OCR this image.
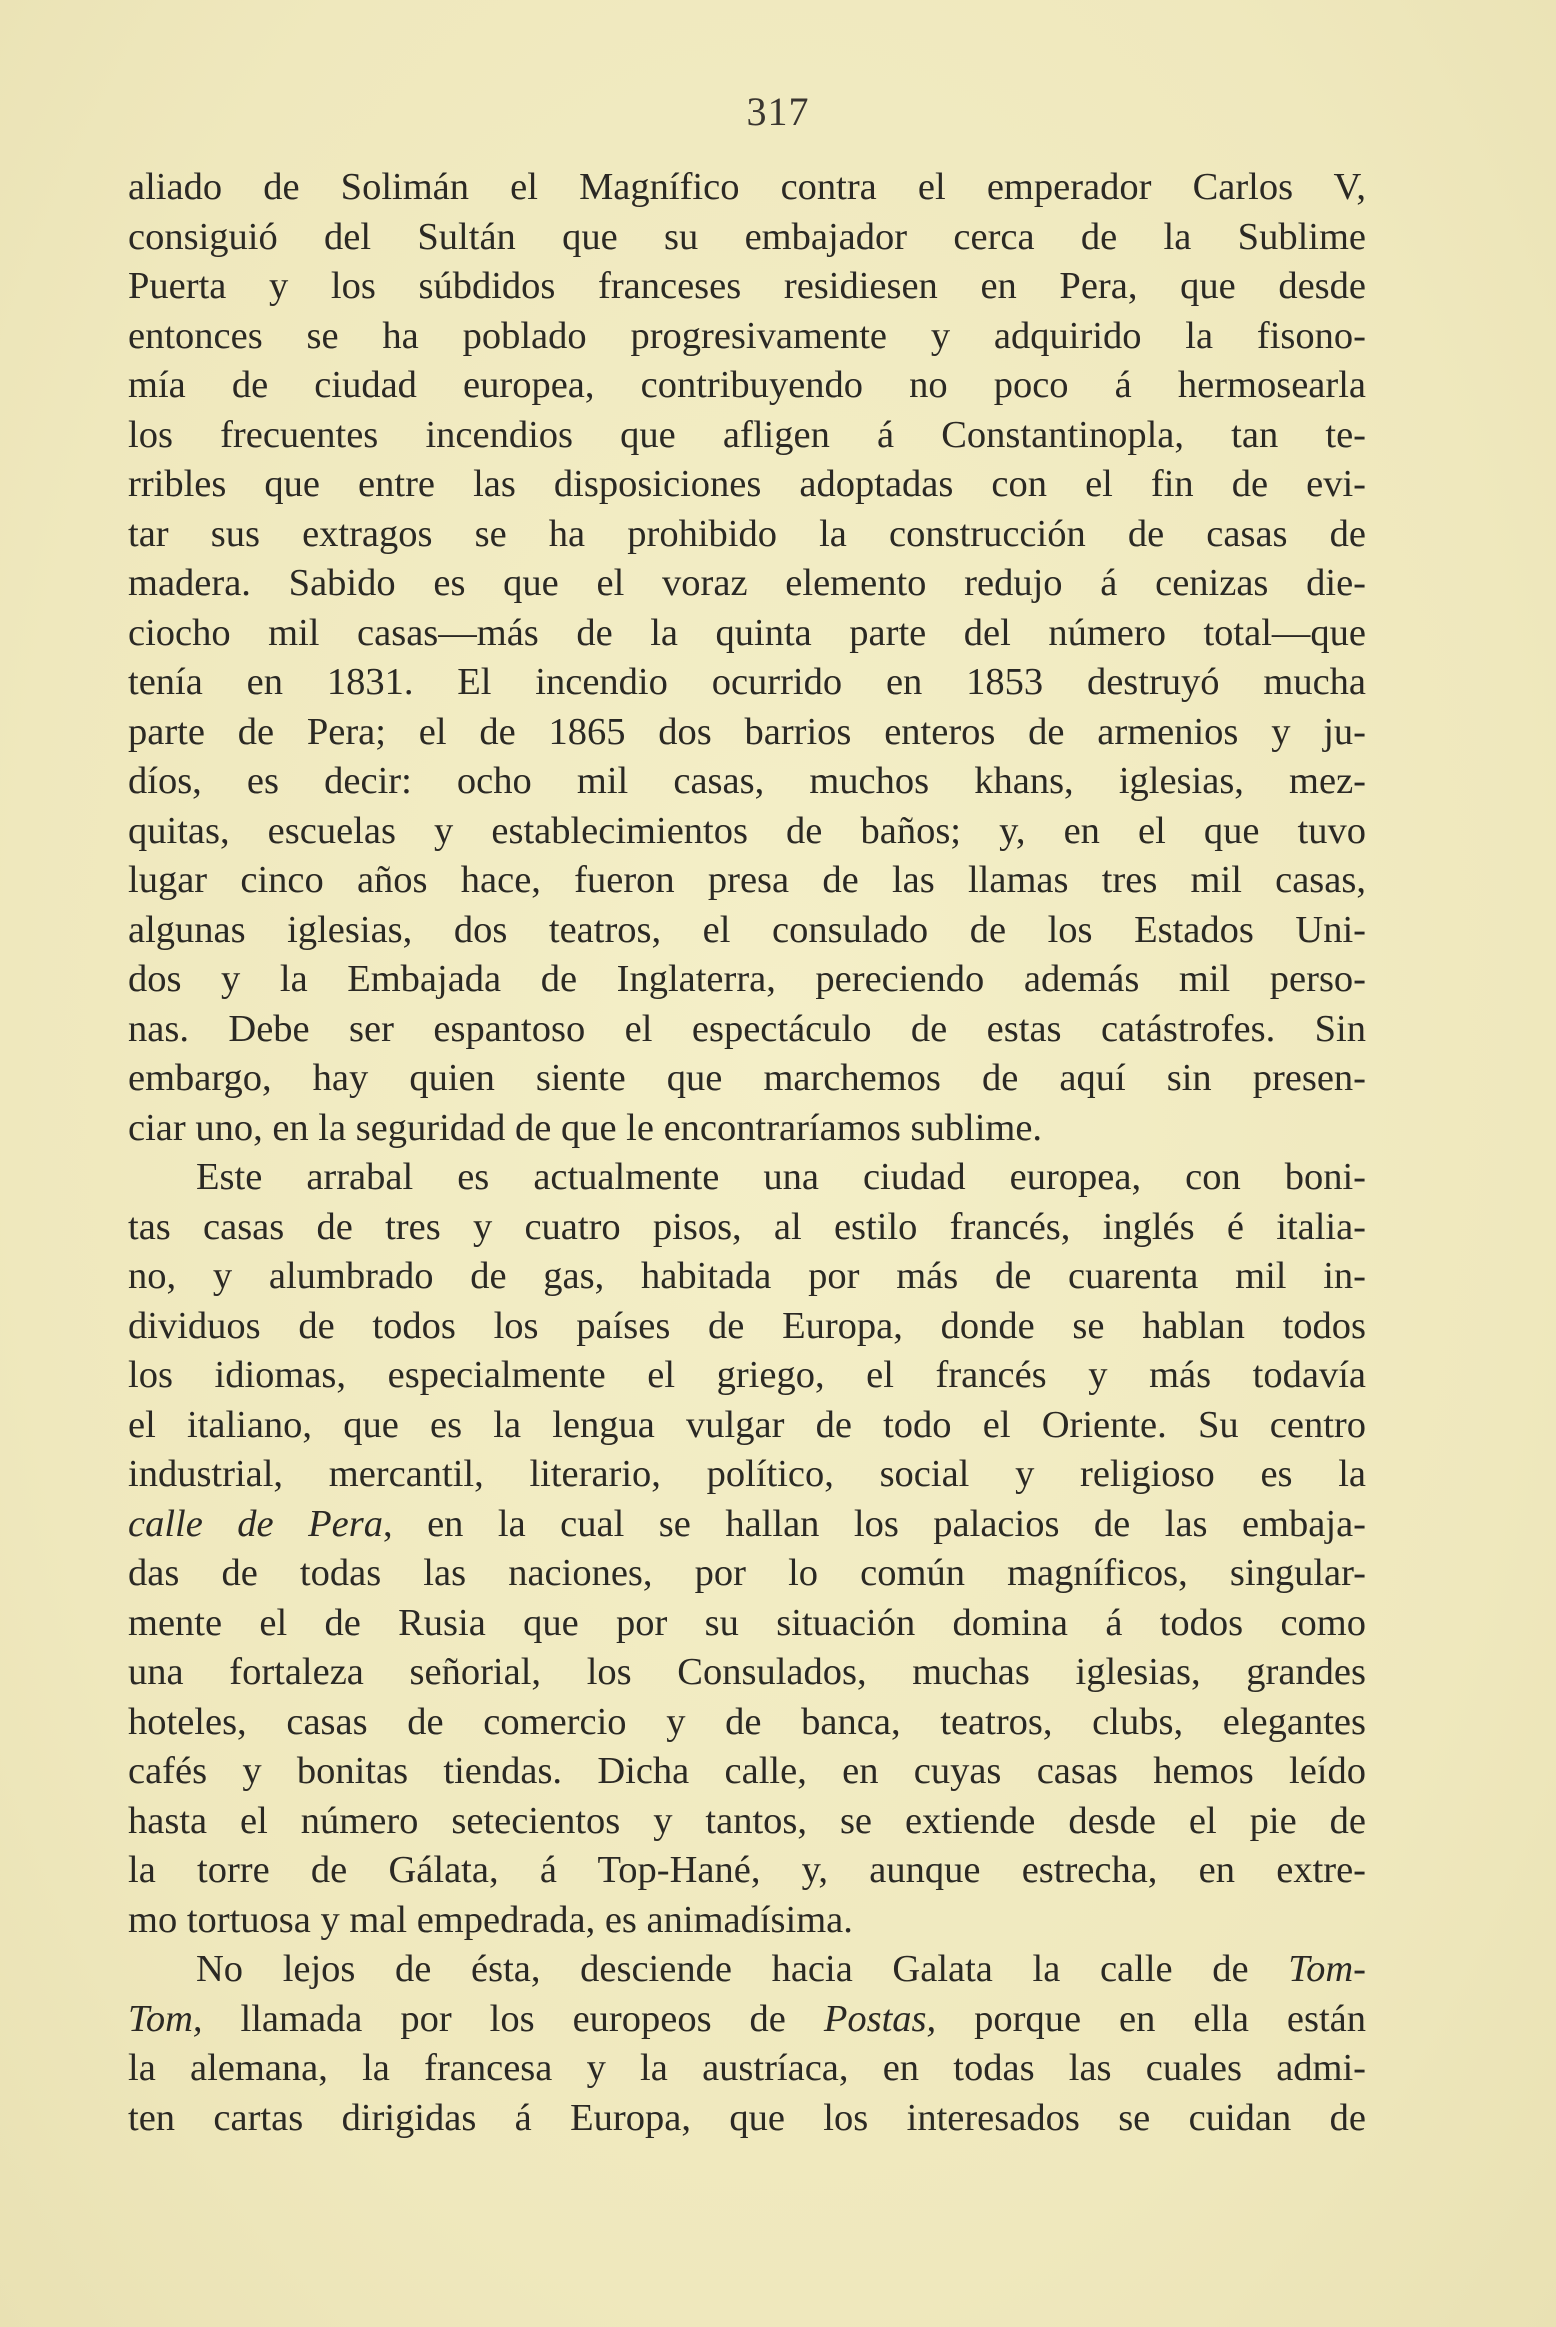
317
aliado de Solimán el Magnífico contra el emperador Carlos V,
consiguió del Sultán que su embajador cerca de la Sublime
Puerta y los súbdidos franceses residiesen en Pera, que desde
entonces se ha poblado progresivamente y adquirido la fisono-
mía de ciudad europea, contribuyendo no poco á hermosearla
los frecuentes incendios que afligen á Constantinopla, tan te-
rribles que entre las disposiciones adoptadas con el fin de evi-
tar sus extragos se ha prohibido la construcción de casas de
madera. Sabido es que el voraz elemento redujo á cenizas die-
ciocho mil casas—más de la quinta parte del número total—que
tenía en 1831. El incendio ocurrido en 1853 destruyó mucha
parte de Pera; el de 1865 dos barrios enteros de armenios y ju-
díos, es decir: ocho mil casas, muchos khans, iglesias, mez-
quitas, escuelas y establecimientos de baños; y, en el que tuvo
lugar cinco años hace, fueron presa de las llamas tres mil casas,
algunas iglesias, dos teatros, el consulado de los Estados Uni-
dos y la Embajada de Inglaterra, pereciendo además mil perso-
nas. Debe ser espantoso el espectáculo de estas catástrofes. Sin
embargo, hay quien siente que marchemos de aquí sin presen-
ciar uno, en la seguridad de que le encontraríamos sublime.
Este arrabal es actualmente una ciudad europea, con boni-
tas casas de tres y cuatro pisos, al estilo francés, inglés é italia-
no, y alumbrado de gas, habitada por más de cuarenta mil in-
dividuos de todos los países de Europa, donde se hablan todos
los idiomas, especialmente el griego, el francés y más todavía
el italiano, que es la lengua vulgar de todo el Oriente. Su centro
industrial, mercantil, literario, político, social y religioso es la
calle de Pera, en la cual se hallan los palacios de las embaja-
das de todas las naciones, por lo común magníficos, singular-
mente el de Rusia que por su situación domina á todos como
una fortaleza señorial, los Consulados, muchas iglesias, grandes
hoteles, casas de comercio y de banca, teatros, clubs, elegantes
cafés y bonitas tiendas. Dicha calle, en cuyas casas hemos leído
hasta el número setecientos y tantos, se extiende desde el pie de
la torre de Gálata, á Top-Hané, y, aunque estrecha, en extre-
mo tortuosa y mal empedrada, es animadísima.
No lejos de ésta, desciende hacia Galata la calle de Tom-
Tom, llamada por los europeos de Postas, porque en ella están
la alemana, la francesa y la austríaca, en todas las cuales admi-
ten cartas dirigidas á Europa, que los interesados se cuidan de
